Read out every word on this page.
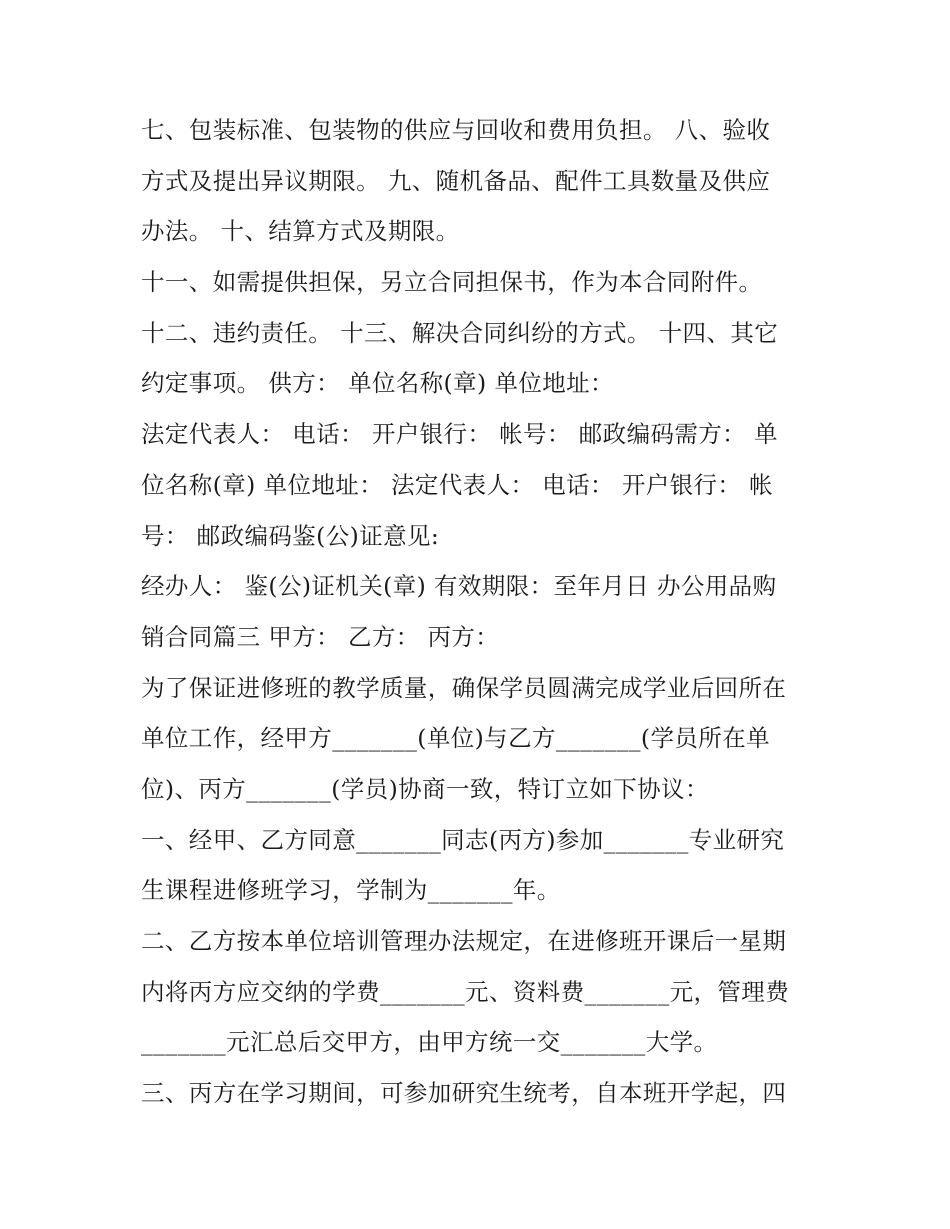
七、包装标准、包装物的供应与回收和费用负担。 八、验收
方式及提出异议期限。 九、随机备品、配件工具数量及供应
办法。 十、结算方式及期限。
十一、如需提供担保，另立合同担保书，作为本合同附件。
十二、违约责任。 十三、解决合同纠纷的方式。 十四、其它
约定事项。 供方： 单位名称(章) 单位地址：
法定代表人： 电话： 开户银行： 帐号： 邮政编码需方： 单
位名称(章) 单位地址： 法定代表人： 电话： 开户银行： 帐
号： 邮政编码鉴(公)证意见:
经办人： 鉴(公)证机关(章) 有效期限：至年月日 办公用品购
销合同篇三 甲方： 乙方： 丙方：
为了保证进修班的教学质量，确保学员圆满完成学业后回所在
单位工作，经甲方_______(单位)与乙方_______(学员所在单
位)、丙方_______(学员)协商一致，特订立如下协议：
一、经甲、乙方同意_______同志(丙方)参加_______专业研究
生课程进修班学习，学制为_______年。
二、乙方按本单位培训管理办法规定，在进修班开课后一星期
内将丙方应交纳的学费_______元、资料费_______元，管理费
_______元汇总后交甲方，由甲方统一交_______大学。
三、丙方在学习期间，可参加研究生统考，自本班开学起，四
